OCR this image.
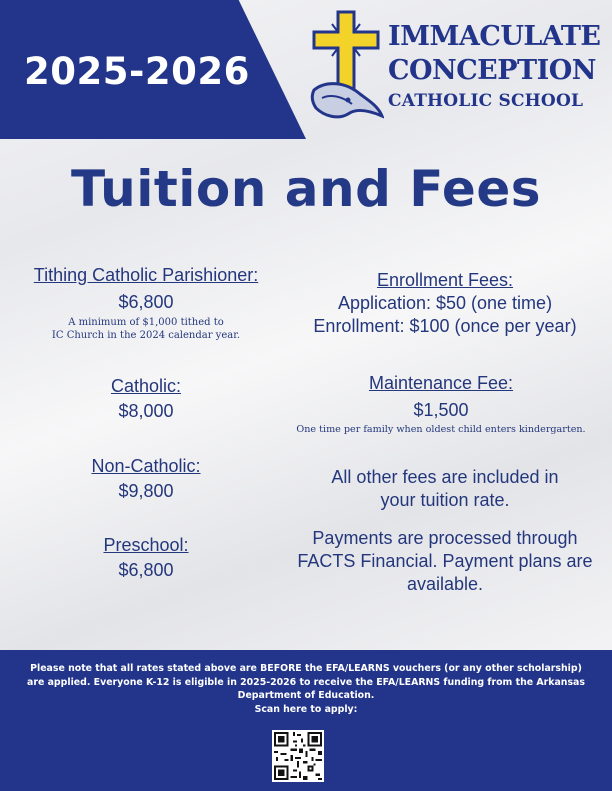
2025-2026
IMMACULATE
CONCEPTION
CATHOLIC SCHOOL
Tuition and Fees
Tithing Catholic Parishioner:
$6,800
A minimum of $1,000 tithed to
IC Church in the 2024 calendar year.
Catholic:
$8,000
Non-Catholic:
$9,800
Preschool:
$6,800
Enrollment Fees:
Application: $50 (one time)
Enrollment: $100 (once per year)
Maintenance Fee:
$1,500
One time per family when oldest child enters kindergarten.
All other fees are included in
your tuition rate.
Payments are processed through
FACTS Financial. Payment plans are
available.
Please note that all rates stated above are BEFORE the EFA/LEARNS vouchers (or any other scholarship)
are applied. Everyone K-12 is eligible in 2025-2026 to receive the EFA/LEARNS funding from the Arkansas
Department of Education.
Scan here to apply:
